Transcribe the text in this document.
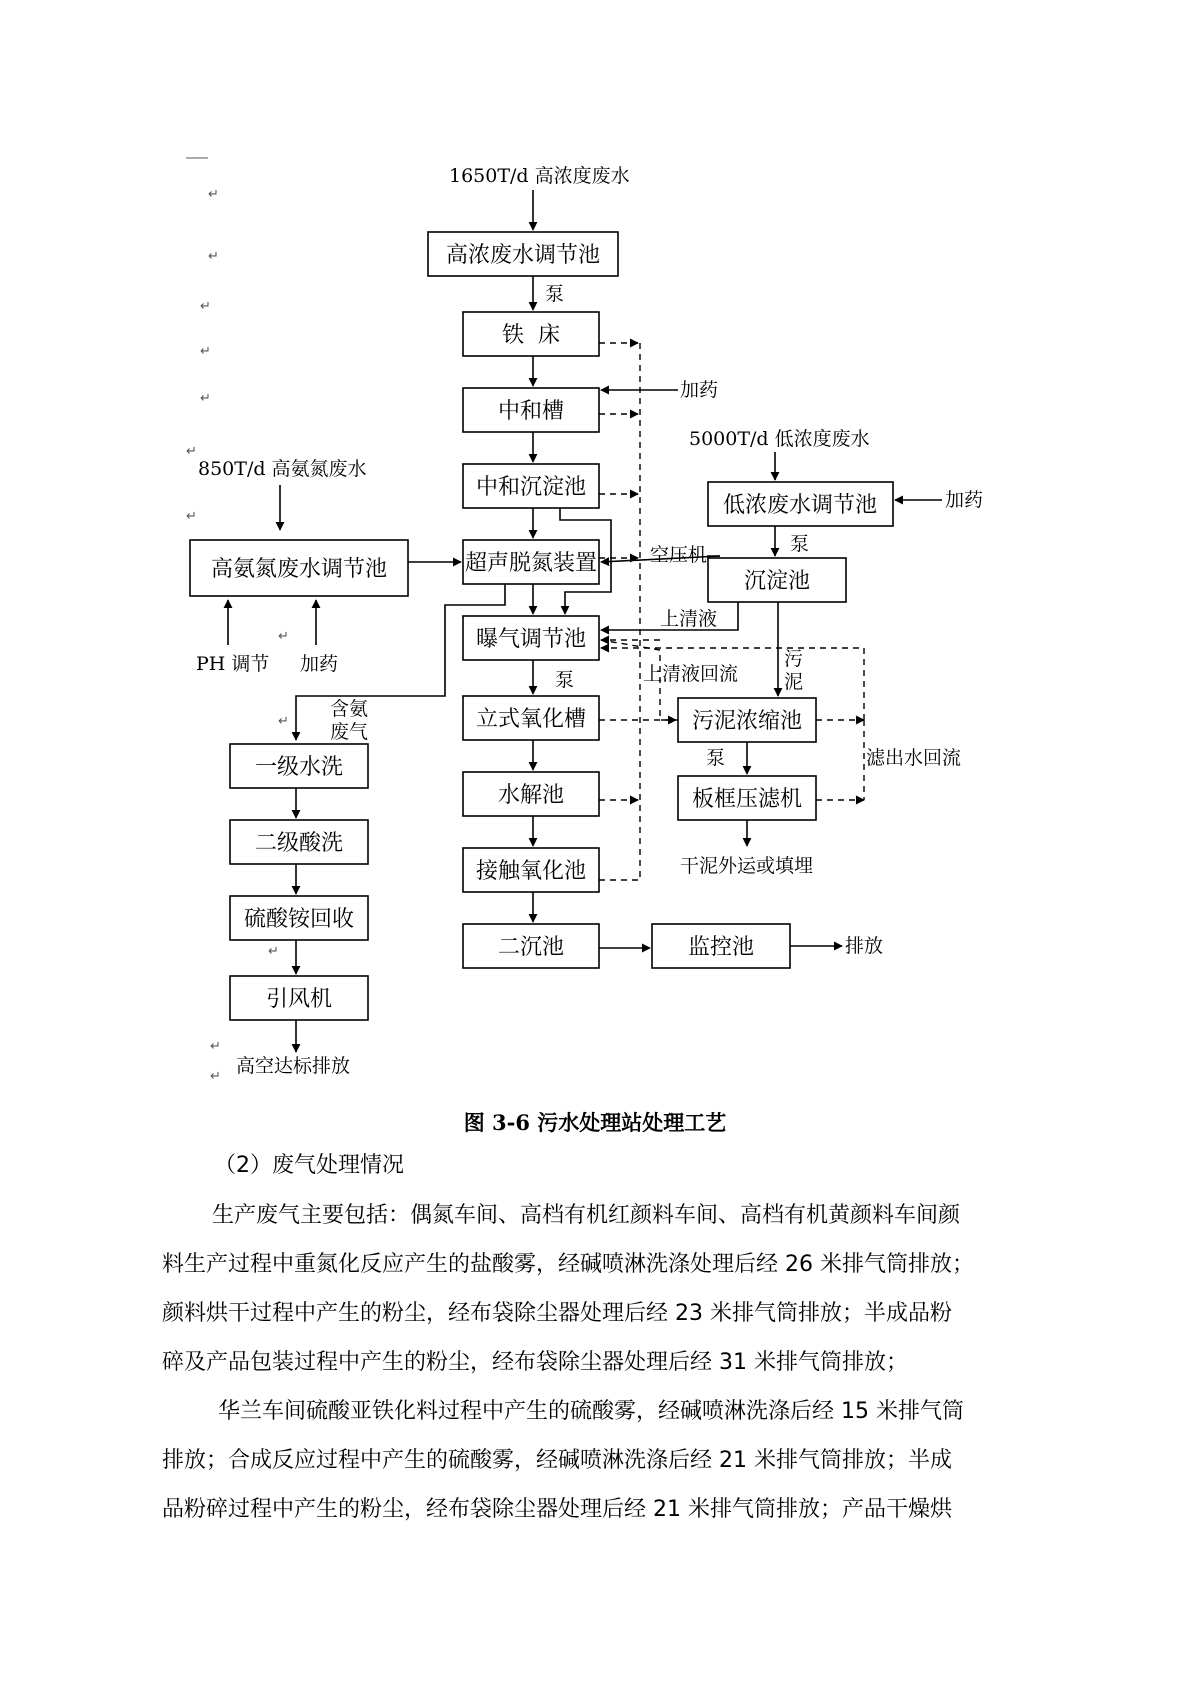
↵
↵
↵
↵
↵
↵
↵
↵
↵
↵
↵
↵
1650T/d 高浓度废水
高浓废水调节池
泵
铁  床
中和槽
加药
中和沉淀池
超声脱氮装置
曝气调节池
泵
立式氧化槽
水解池
接触氧化池
二沉池	监控池	排放
5000T/d 低浓度废水
低浓废水调节池	加药
泵
沉淀池
空压机
上清液
污
泥
污泥浓缩池
泵
板框压滤机
干泥外运或填埋
上清液回流
滤出水回流
850T/d 高氨氮废水
高氨氮废水调节池
PH 调节 加药
含氨
废气
一级水洗
二级酸洗
硫酸铵回收
引风机
高空达标排放
图 3-6 污水处理站处理工艺

（2）废气处理情况

生产废气主要包括：偶氮车间、高档有机红颜料车间、高档有机黄颜料车间颜

料生产过程中重氮化反应产生的盐酸雾，经碱喷淋洗涤处理后经 26 米排气筒排放；

颜料烘干过程中产生的粉尘，经布袋除尘器处理后经 23 米排气筒排放；半成品粉

碎及产品包装过程中产生的粉尘，经布袋除尘器处理后经 31 米排气筒排放；

华兰车间硫酸亚铁化料过程中产生的硫酸雾，经碱喷淋洗涤后经 15 米排气筒

排放；合成反应过程中产生的硫酸雾，经碱喷淋洗涤后经 21 米排气筒排放；半成

品粉碎过程中产生的粉尘，经布袋除尘器处理后经 21 米排气筒排放；产品干燥烘
